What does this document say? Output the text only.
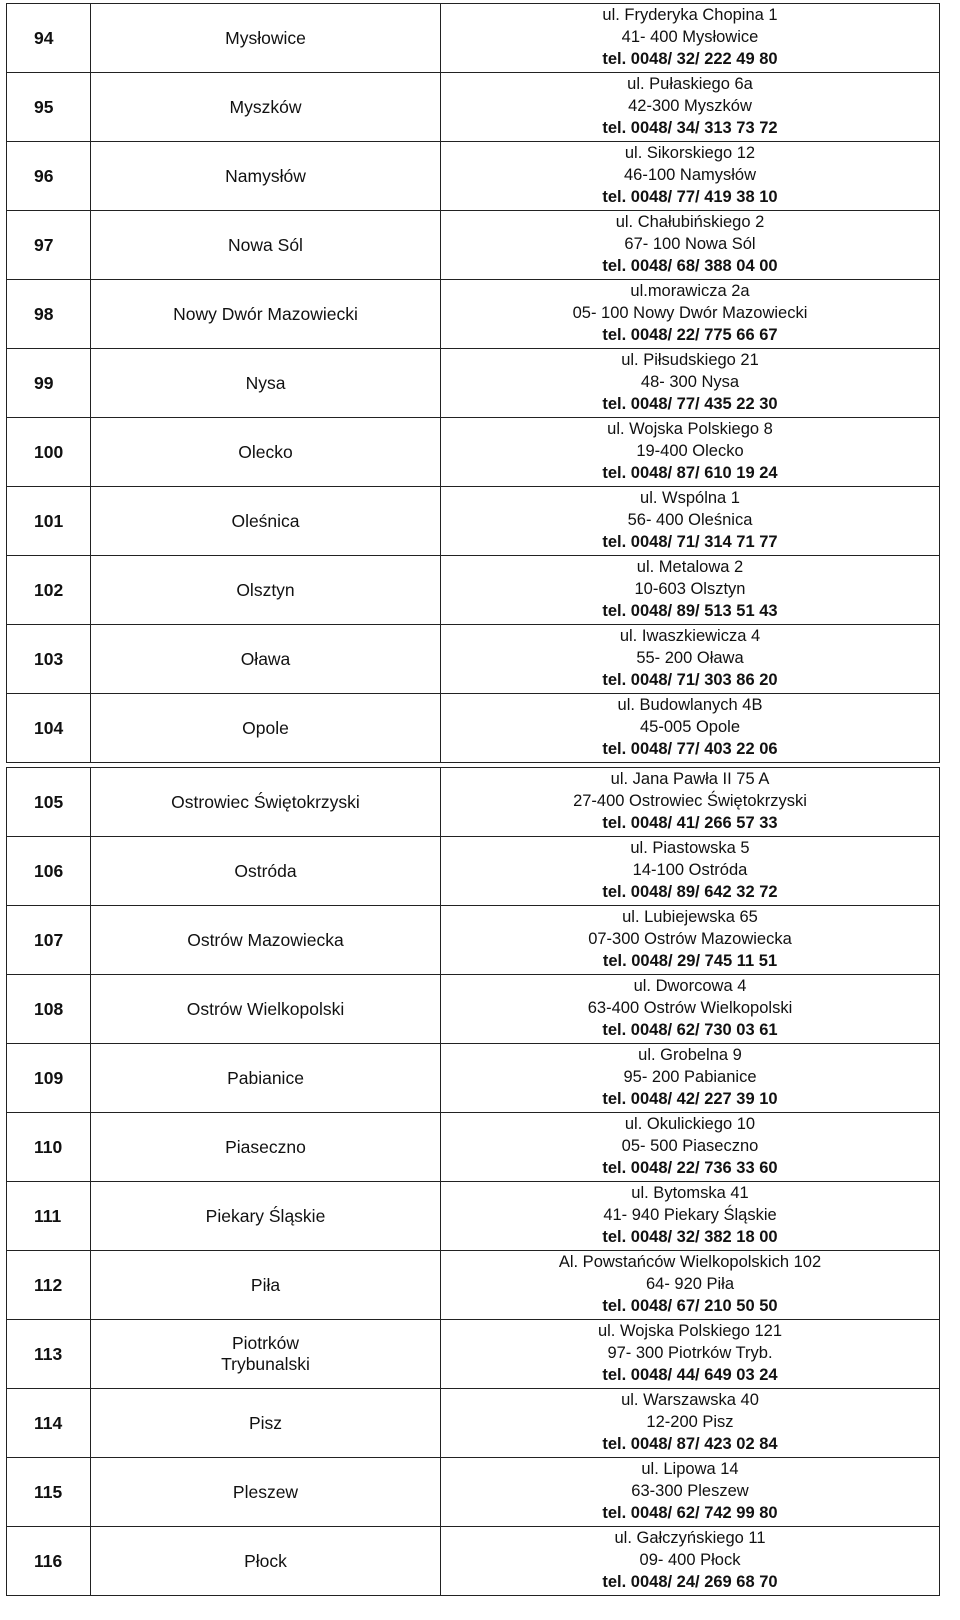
94	Mysłowice	ul. Fryderyka Chopina 1
41- 400 Mysłowice
tel. 0048/ 32/ 222 49 80

95	Myszków	ul. Pułaskiego 6a
42-300 Myszków
tel. 0048/ 34/ 313 73 72

96	Namysłów	ul. Sikorskiego 12
46-100 Namysłów
tel. 0048/ 77/ 419 38 10

97	Nowa Sól	ul. Chałubińskiego 2
67- 100 Nowa Sól
tel. 0048/ 68/ 388 04 00

98	Nowy Dwór Mazowiecki	ul.morawicza 2a
05- 100 Nowy Dwór Mazowiecki
tel. 0048/ 22/ 775 66 67

99	Nysa	ul. Piłsudskiego 21
48- 300 Nysa
tel. 0048/ 77/ 435 22 30

100	Olecko	ul. Wojska Polskiego 8
19-400 Olecko
tel. 0048/ 87/ 610 19 24

101	Oleśnica	ul. Wspólna 1
56- 400 Oleśnica
tel. 0048/ 71/ 314 71 77

102	Olsztyn	ul. Metalowa 2
10-603 Olsztyn
tel. 0048/ 89/ 513 51 43

103	Oława	ul. Iwaszkiewicza 4
55- 200 Oława
tel. 0048/ 71/ 303 86 20

104	Opole	ul. Budowlanych 4B
45-005 Opole
tel. 0048/ 77/ 403 22 06

105	Ostrowiec Świętokrzyski	ul. Jana Pawła II 75 A
27-400 Ostrowiec Świętokrzyski
tel. 0048/ 41/ 266 57 33

106	Ostróda	ul. Piastowska 5
14-100 Ostróda
tel. 0048/ 89/ 642 32 72

107	Ostrów Mazowiecka	ul. Lubiejewska 65
07-300 Ostrów Mazowiecka
tel. 0048/ 29/ 745 11 51

108	Ostrów Wielkopolski	ul. Dworcowa 4
63-400 Ostrów Wielkopolski
tel. 0048/ 62/ 730 03 61

109	Pabianice	ul. Grobelna 9
95- 200 Pabianice
tel. 0048/ 42/ 227 39 10

110	Piaseczno	ul. Okulickiego 10
05- 500 Piaseczno
tel. 0048/ 22/ 736 33 60

111	Piekary Śląskie	ul. Bytomska 41
41- 940 Piekary Śląskie
tel. 0048/ 32/ 382 18 00

112	Piła	Al. Powstańców Wielkopolskich 102
64- 920 Piła
tel. 0048/ 67/ 210 50 50

113	Piotrków Trybunalski	ul. Wojska Polskiego 121
97- 300 Piotrków Tryb.
tel. 0048/ 44/ 649 03 24

114	Pisz	ul. Warszawska 40
12-200 Pisz
tel. 0048/ 87/ 423 02 84

115	Pleszew	ul. Lipowa 14
63-300 Pleszew
tel. 0048/ 62/ 742 99 80

116	Płock	ul. Gałczyńskiego 11
09- 400 Płock
tel. 0048/ 24/ 269 68 70
